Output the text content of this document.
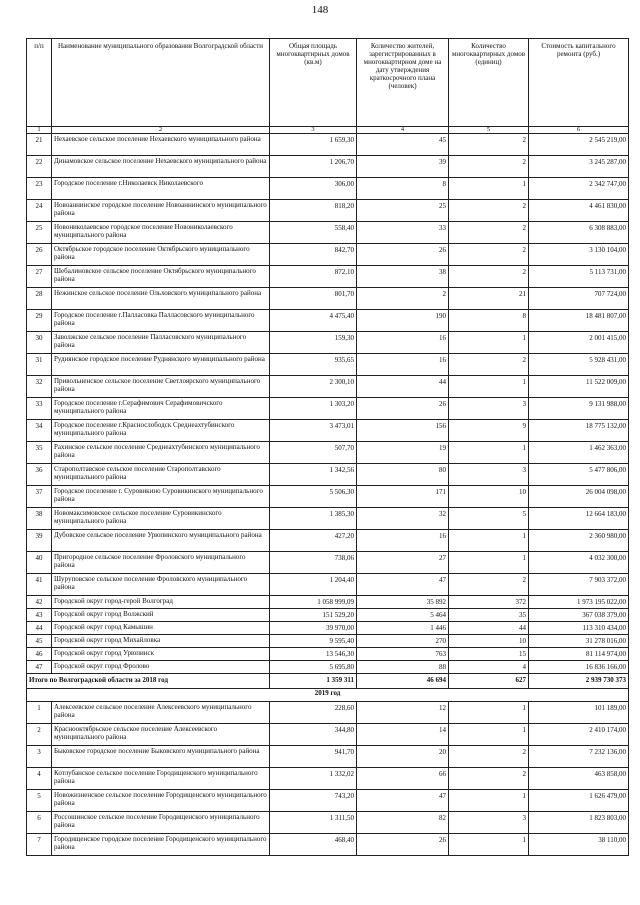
148
п/п	Наименование муниципального образования Волгоградской области	Общая площадь многоквартирных домов (кв.м)	Количество жителей, зарегистрированных в многоквартирном доме на дату утверждения краткосрочного плана (человек)	Количество многоквартирных домов (единиц)	Стоимость капитального ремонта (руб.)
1	2	3	4	5	6
21	Нехаевское сельское поселение Нехаевского муниципального района	1 659,30	45	2	2 545 219,00
22	Динамовское сельское поселение Нехаевского муниципального района	1 206,70	39	2	3 245 287,00
23	Городское поселение г.Николаевск Николаевского	306,00	8	1	2 342 747,00
24	Новоаннинское городское поселение Новоаннинского муниципального района	818,20	25	2	4 461 830,00
25	Новониколаевское городское поселение Новониколаевского муниципального района	558,40	33	2	6 308 883,00
26	Октябрьское городское поселение Октябрьского муниципального района	842,70	26	2	3 130 104,00
27	Шебалиновское сельское поселение Октябрьского муниципального района	872,10	38	2	5 113 731,00
28	Нежинское сельское поселение Ольховского муниципального района	801,70	2	21	707 724,00
29	Городское поселение г.Палласовка Палласовского муниципального района	4 475,40	190	8	18 481 807,00
30	Заволжское сельское поселение Палласовского муниципального района	159,30	16	1	2 001 415,00
31	Руднянское городское поселение Руднянского муниципального района	935,65	16	2	5 928 431,00
32	Привольненское сельское поселение Светлоярского муниципального района	2 300,10	44	1	11 522 009,00
33	Городское поселение г.Серафимович Серафимовичского муниципального района	1 303,20	26	3	9 131 988,00
34	Городское поселение г.Краснослободск Среднеахтубинского муниципального района	3 473,01	156	9	18 775 132,00
35	Рахинское сельское поселение Среднеахтубинского муниципального района	507,70	19	1	1 462 363,00
36	Старополтавское сельское поселение Старополтавского муниципального района	1 342,56	80	3	5 477 806,00
37	Городское поселение г. Суровикино Суровикинского муниципального района	5 506,30	171	10	26 004 098,00
38	Новомаксимовское сельское поселение Суровикинского муниципального района	1 385,30	32	5	12 664 183,00
39	Дубовское сельское поселение Урюпинского муниципального района	427,20	16	1	2 360 980,00
40	Пригородное сельское поселение Фроловского муниципального района	738,06	27	1	4 032 300,00
41	Шуруповское сельское поселение Фроловского муниципального района	1 204,40	47	2	7 903 372,00
42	Городской округ город-герой Волгоград	1 058 999,09	35 892	372	1 973 195 022,00
43	Городской округ город Волжский	151 529,20	5 464	35	367 038 379,00
44	Городской округ город Камышин	39 970,00	1 446	44	113 310 434,00
45	Городской округ город Михайловка	9 595,40	270	10	31 278 016,00
46	Городской округ город Урюпинск	13 546,30	763	15	81 114 974,00
47	Городской округ город Фролово	5 695,80	88	4	16 836 166,00
Итого по Волгоградской области за 2018 год		1 359 311	46 694	627	2 939 730 373
2019 год					
1	Алексеевское сельское поселение Алексеевского муниципального района	228,60	12	1	101 189,00
2	Краснооктябрьское сельское поселение Алексеевского муниципального района	344,80	14	1	2 410 174,00
3	Быковское городское поселение Быковского муниципального района	941,70	20	2	7 232 136,00
4	Котлубанское сельское поселение Городищенского муниципального района	1 332,02	66	2	463 858,00
5	Новожизненское сельское поселение Городищенского муниципального района	743,20	47	1	1 626 479,00
6	Россошинское сельское поселение Городищенского муниципального района	1 311,50	82	3	1 823 803,00
7	Городищенское городское поселение Городищенского муниципального района	468,40	26	1	38 110,00
